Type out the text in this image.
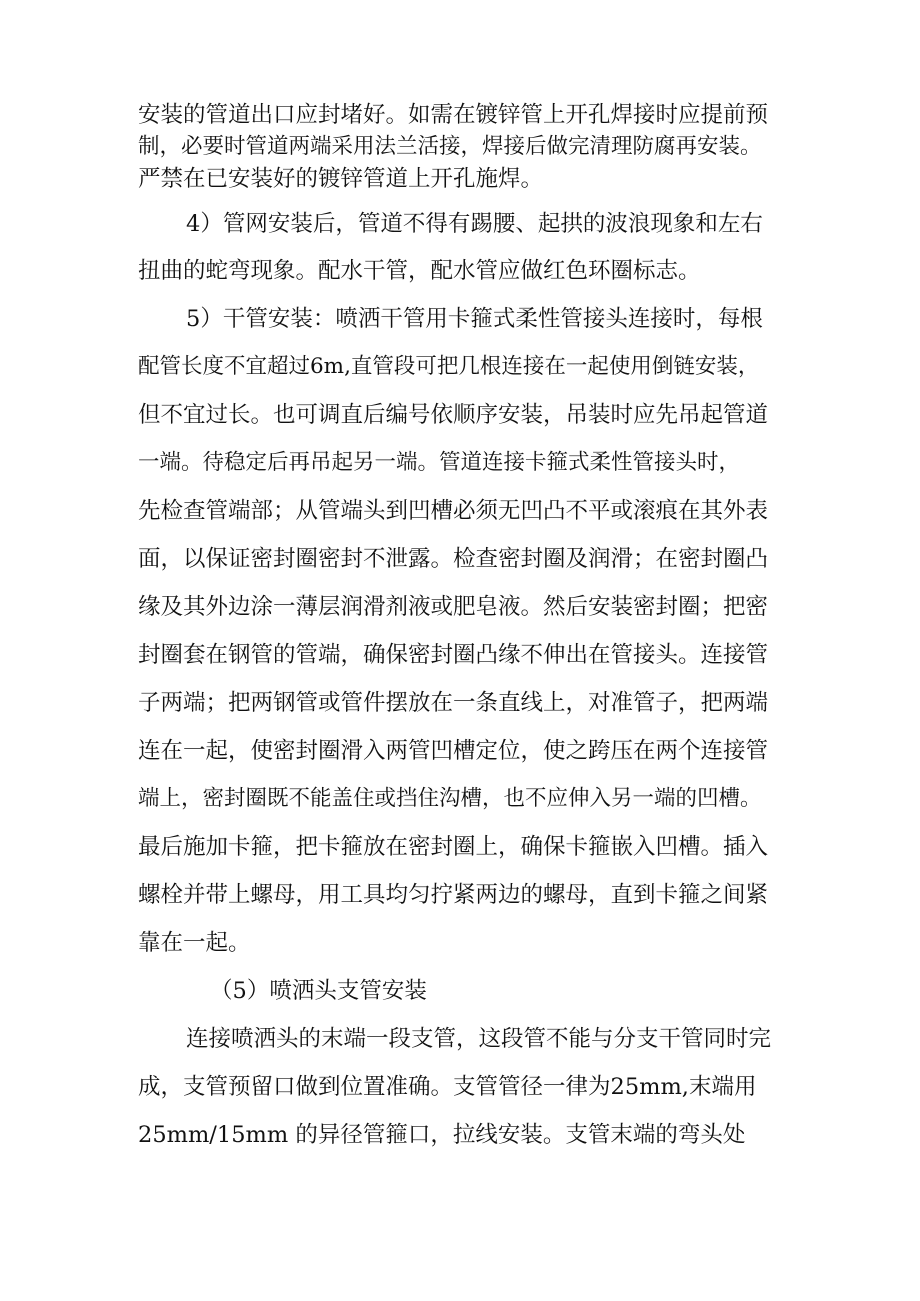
安装的管道出口应封堵好。如需在镀锌管上开孔焊接时应提前预
制，必要时管道两端采用法兰活接，焊接后做完清理防腐再安装。
严禁在已安装好的镀锌管道上开孔施焊。
4）管网安装后，管道不得有踢腰、起拱的波浪现象和左右
扭曲的蛇弯现象。配水干管，配水管应做红色环圈标志。
5）干管安装：喷洒干管用卡箍式柔性管接头连接时，每根
配管长度不宜超过6m,直管段可把几根连接在一起使用倒链安装，
但不宜过长。也可调直后编号依顺序安装，吊装时应先吊起管道
一端。待稳定后再吊起另一端。管道连接卡箍式柔性管接头时，
先检查管端部；从管端头到凹槽必须无凹凸不平或滚痕在其外表
面，以保证密封圈密封不泄露。检查密封圈及润滑；在密封圈凸
缘及其外边涂一薄层润滑剂液或肥皂液。然后安装密封圈；把密
封圈套在钢管的管端，确保密封圈凸缘不伸出在管接头。连接管
子两端；把两钢管或管件摆放在一条直线上，对准管子，把两端
连在一起，使密封圈滑入两管凹槽定位，使之跨压在两个连接管
端上，密封圈既不能盖住或挡住沟槽，也不应伸入另一端的凹槽。
最后施加卡箍，把卡箍放在密封圈上，确保卡箍嵌入凹槽。插入
螺栓并带上螺母，用工具均匀拧紧两边的螺母，直到卡箍之间紧
靠在一起。
（5）喷洒头支管安装
连接喷洒头的末端一段支管，这段管不能与分支干管同时完
成，支管预留口做到位置准确。支管管径一律为25mm,末端用
25mm/15mm 的异径管箍口，拉线安装。支管末端的弯头处
